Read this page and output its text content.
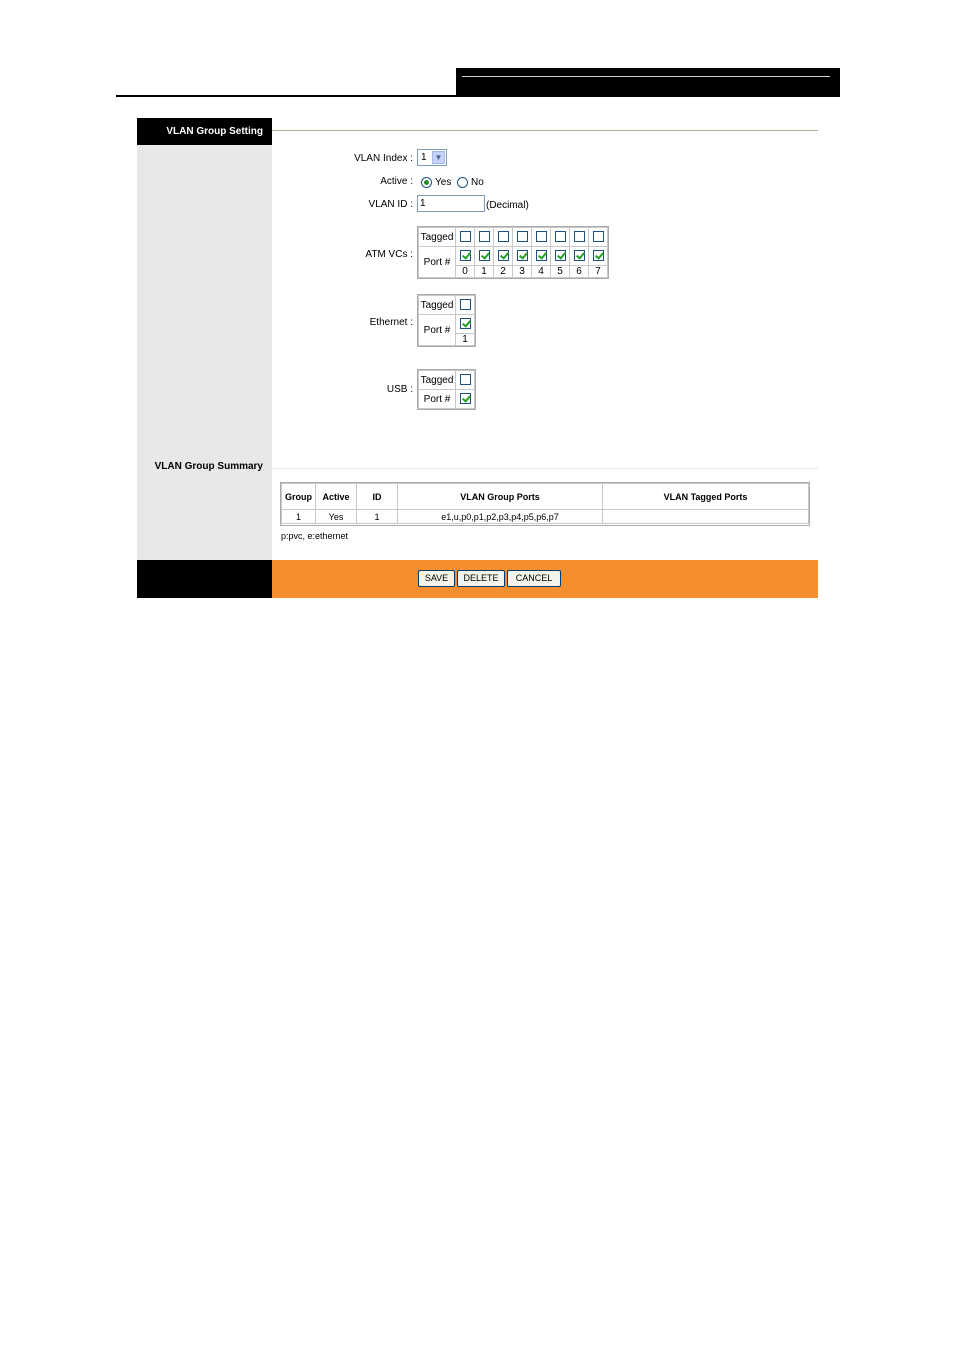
VLAN Group Setting
VLAN Group Summary
VLAN Index : 1 ▼
Active : Yes No
VLAN ID : 1	(Decimal)
ATM VCs :
Tagged								
Port #								
	0	1	2	3	4	5	6	7
Ethernet :
Tagged	
Port #	
	1
USB :
Tagged	
Port #	
Group	Active	ID	VLAN Group Ports	VLAN Tagged Ports
1	Yes	1	e1,u,p0,p1,p2,p3,p4,p5,p6,p7	
p:pvc, e:ethernet
SAVE	DELETE	CANCEL
